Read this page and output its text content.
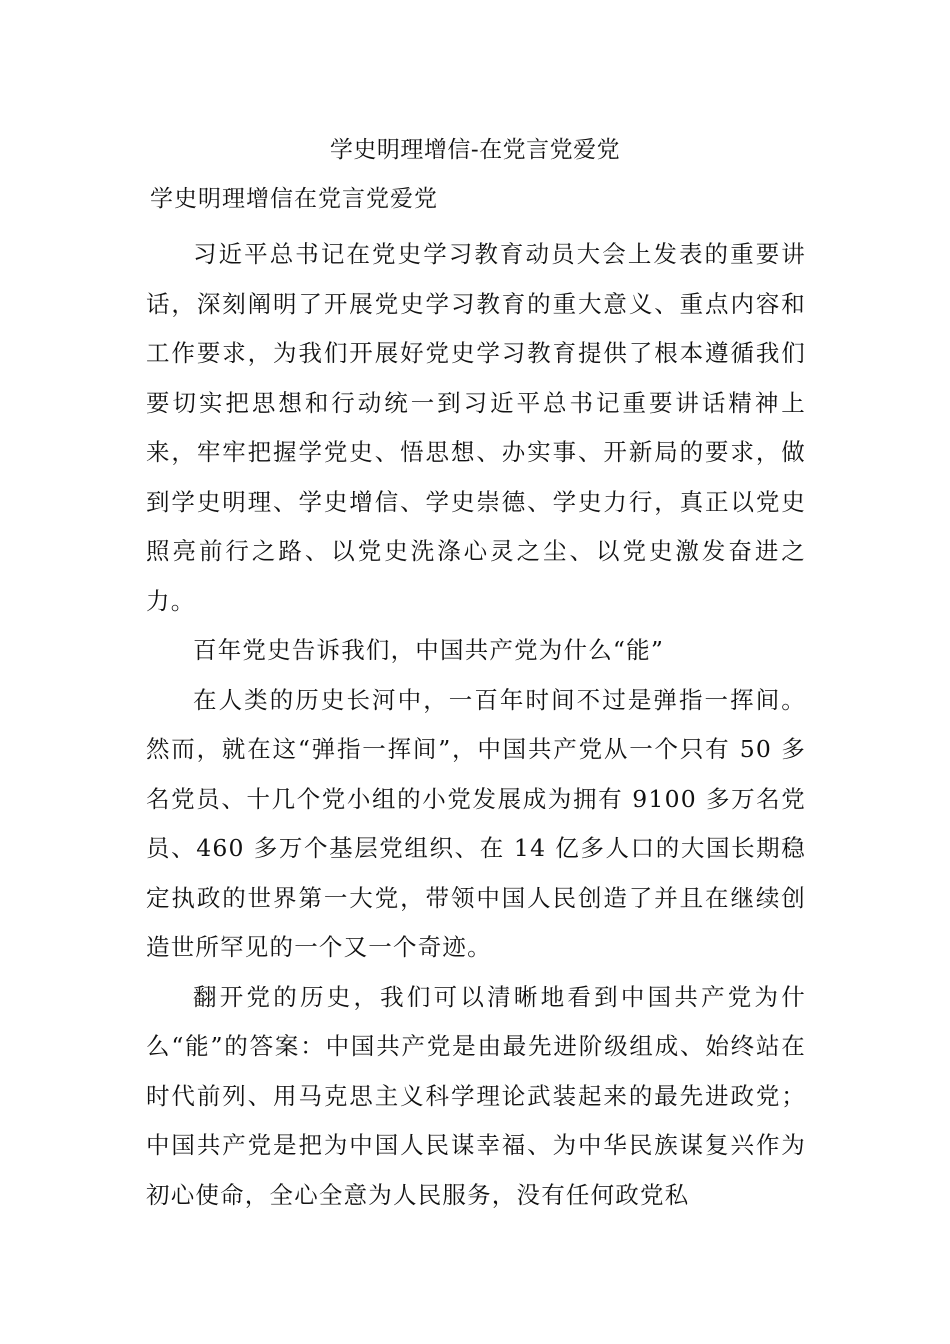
学史明理增信-在党言党爱党
学史明理增信在党言党爱党

习近平总书记在党史学习教育动员大会上发表的重要讲话，深刻阐明了开展党史学习教育的重大意义、重点内容和工作要求，为我们开展好党史学习教育提供了根本遵循我们要切实把思想和行动统一到习近平总书记重要讲话精神上来，牢牢把握学党史、悟思想、办实事、开新局的要求，做到学史明理、学史增信、学史崇德、学史力行，真正以党史照亮前行之路、以党史洗涤心灵之尘、以党史激发奋进之力。

百年党史告诉我们，中国共产党为什么“能”

在人类的历史长河中，一百年时间不过是弹指一挥间。然而，就在这“弹指一挥间”，中国共产党从一个只有 50 多名党员、十几个党小组的小党发展成为拥有 9100 多万名党员、460 多万个基层党组织、在 14 亿多人口的大国长期稳定执政的世界第一大党，带领中国人民创造了并且在继续创造世所罕见的一个又一个奇迹。

翻开党的历史，我们可以清晰地看到中国共产党为什么“能”的答案：中国共产党是由最先进阶级组成、始终站在时代前列、用马克思主义科学理论武装起来的最先进政党；中国共产党是把为中国人民谋幸福、为中华民族谋复兴作为初心使命，全心全意为人民服务，没有任何政党私
